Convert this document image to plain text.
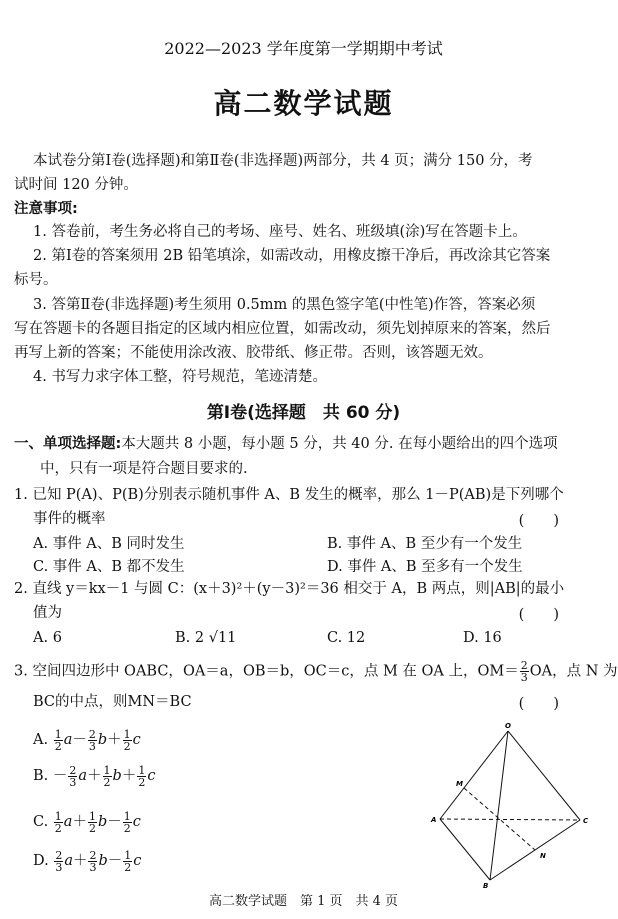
2022—2023 学年度第一学期期中考试
高二数学试题
本试卷分第Ⅰ卷(选择题)和第Ⅱ卷(非选择题)两部分，共 4 页；满分 150 分，考
试时间 120 分钟。
注意事项:
1. 答卷前，考生务必将自己的考场、座号、姓名、班级填(涂)写在答题卡上。
2. 第Ⅰ卷的答案须用 2B 铅笔填涂，如需改动，用橡皮擦干净后，再改涂其它答案
标号。
3. 答第Ⅱ卷(非选择题)考生须用 0.5mm 的黑色签字笔(中性笔)作答，答案必须
写在答题卡的各题目指定的区域内相应位置，如需改动，须先划掉原来的答案，然后
再写上新的答案；不能使用涂改液、胶带纸、修正带。否则，该答题无效。
4. 书写力求字体工整，符号规范，笔迹清楚。
第Ⅰ卷(选择题　共 60 分)
一、单项选择题:本大题共 8 小题，每小题 5 分，共 40 分. 在每小题给出的四个选项
中，只有一项是符合题目要求的.
1. 已知 P(A)、P(B)分别表示随机事件 A、B 发生的概率，那么 1－P(AB)是下列哪个
事件的概率	(　　)
A. 事件 A、B 同时发生	B. 事件 A、B 至少有一个发生
C. 事件 A、B 都不发生	D. 事件 A、B 至多有一个发生
2. 直线 y＝kx－1 与圆 C：(x＋3)²＋(y－3)²＝36 相交于 A，B 两点，则|AB|的最小
值为	(　　)
A. 6	B. 2 √11	C. 12	D. 16
3. 空间四边形中 OABC，OA＝a，OB＝b，OC＝c，点 M 在 OA 上，$OM= \frac{2}{3}$ OA，点 N 为
BC的中点，则MN＝BC	(　　)
A. $\frac{1}{2} a- \frac{2}{3} b+ \frac{1}{2}$ c
B. － $\frac{2}{3} a+ \frac{1}{2} b+ \frac{1}{2}$ c
C. $\frac{1}{2} a+ \frac{1}{2} b- \frac{1}{2}$ c
D. $\frac{2}{3} a+ \frac{2}{3} b- \frac{1}{2}$ c
O
M
A	C
N
B
高二数学试题　第 1 页　共 4 页
